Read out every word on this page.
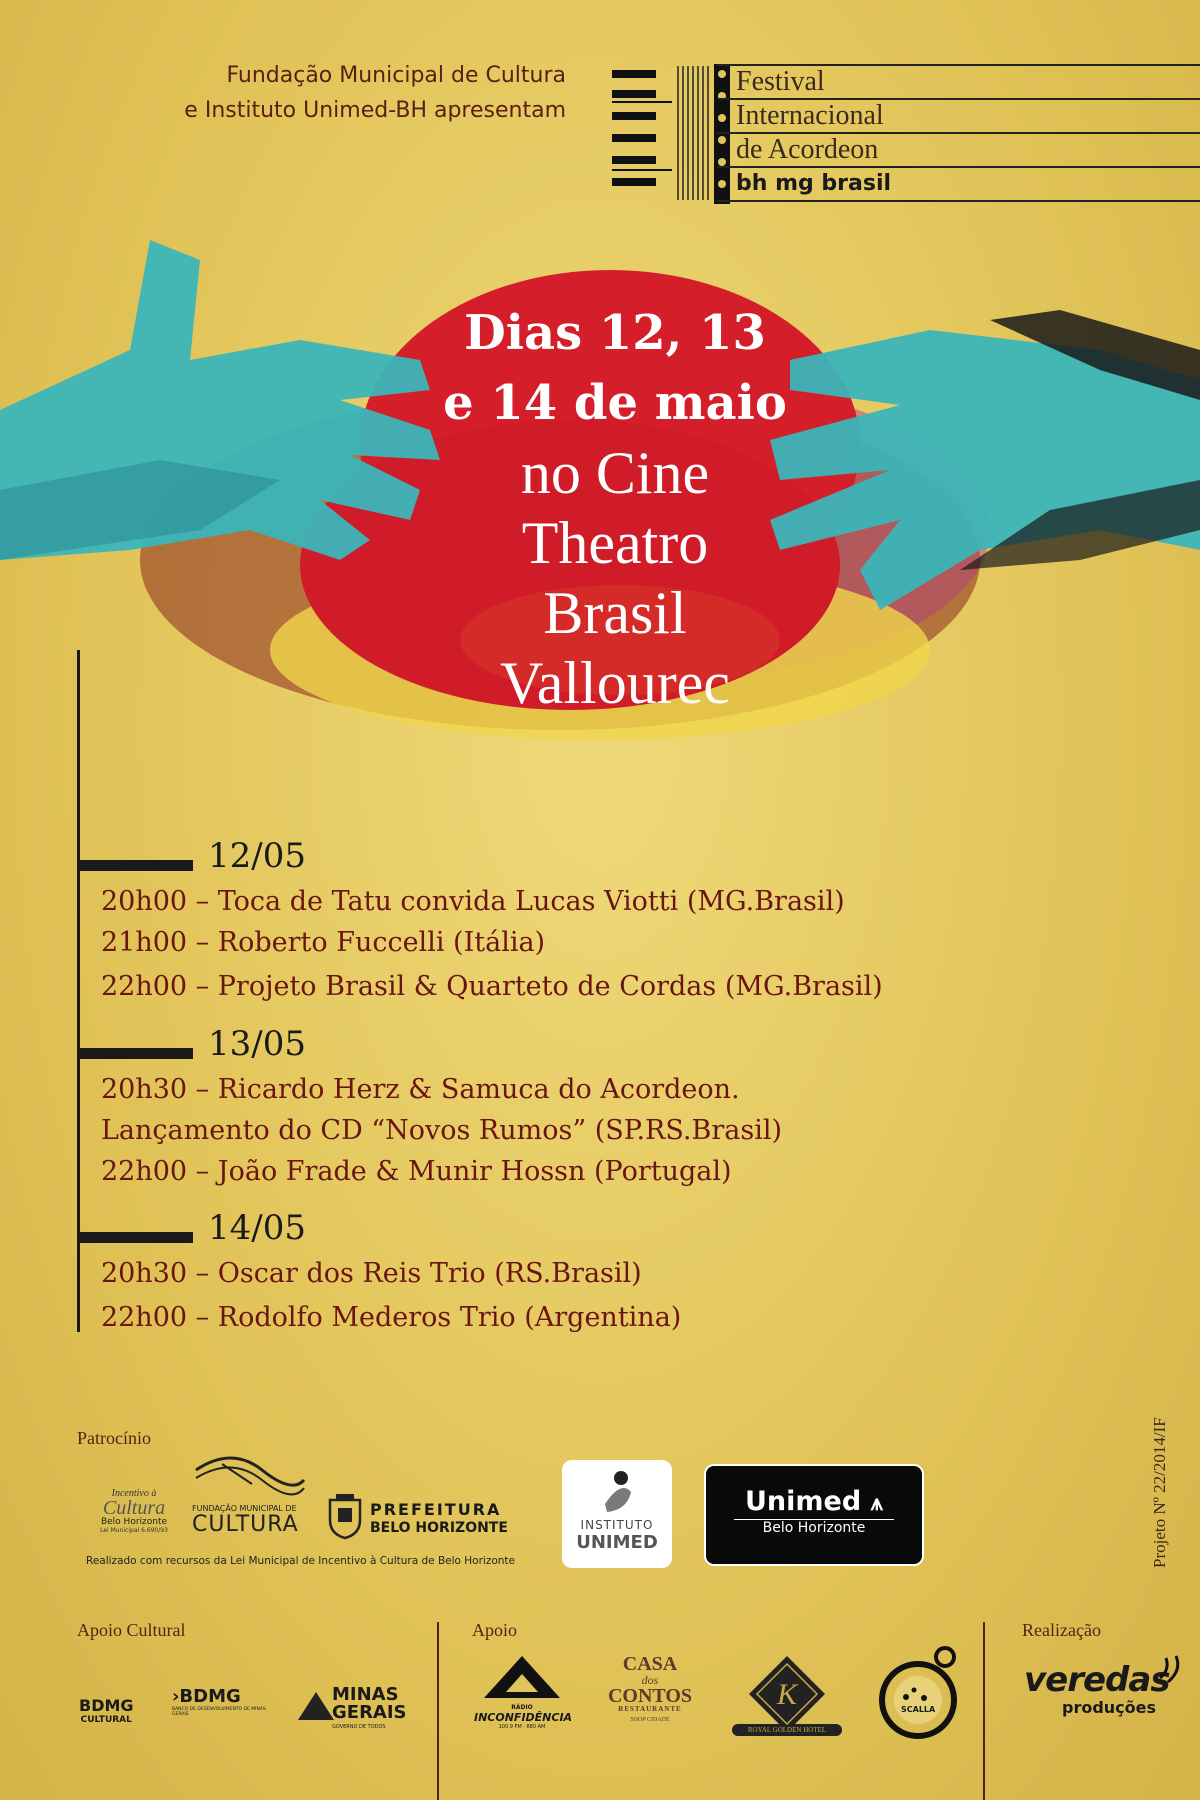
Fundação Municipal de Cultura
e Instituto Unimed-BH apresentam
Festival
Internacional
de Acordeon
bh mg brasil
Dias 12, 13
e 14 de maio
no Cine
Theatro
Brasil
Vallourec
12/05
20h00 – Toca de Tatu convida Lucas Viotti (MG.Brasil)
21h00 – Roberto Fuccelli (Itália)
22h00 – Projeto Brasil & Quarteto de Cordas (MG.Brasil)
13/05
20h30 – Ricardo Herz & Samuca do Acordeon.
Lançamento do CD “Novos Rumos” (SP.RS.Brasil)
22h00 – João Frade & Munir Hossn (Portugal)
14/05
20h30 – Oscar dos Reis Trio (RS.Brasil)
22h00 – Rodolfo Mederos Trio (Argentina)
Patrocínio
Incentivo à
Cultura
Belo Horizonte
Lei Municipal 6.690/93
FUNDAÇÃO MUNICIPAL DE
CULTURA
PREFEITURA
BELO HORIZONTE
Realizado com recursos da Lei Municipal de Incentivo à Cultura de Belo Horizonte
INSTITUTO
UNIMED
Unimed ⩚
Belo Horizonte	Projeto Nº 22/2014/IF
Apoio Cultural	Apoio	Realização
BDMG
CULTURAL
›BDMG
BANCO DE DESENVOLVIMENTO DE MINAS GERAIS
MINAS
GERAIS
GOVERNO DE TODOS
RÁDIO
INCONFIDÊNCIA
100.9 FM · 880 AM
CASA
dos
CONTOS
RESTAURANTE
SHOP CIDADE
K
ROYAL GOLDEN HOTEL
SCALLA
veredas
produções
